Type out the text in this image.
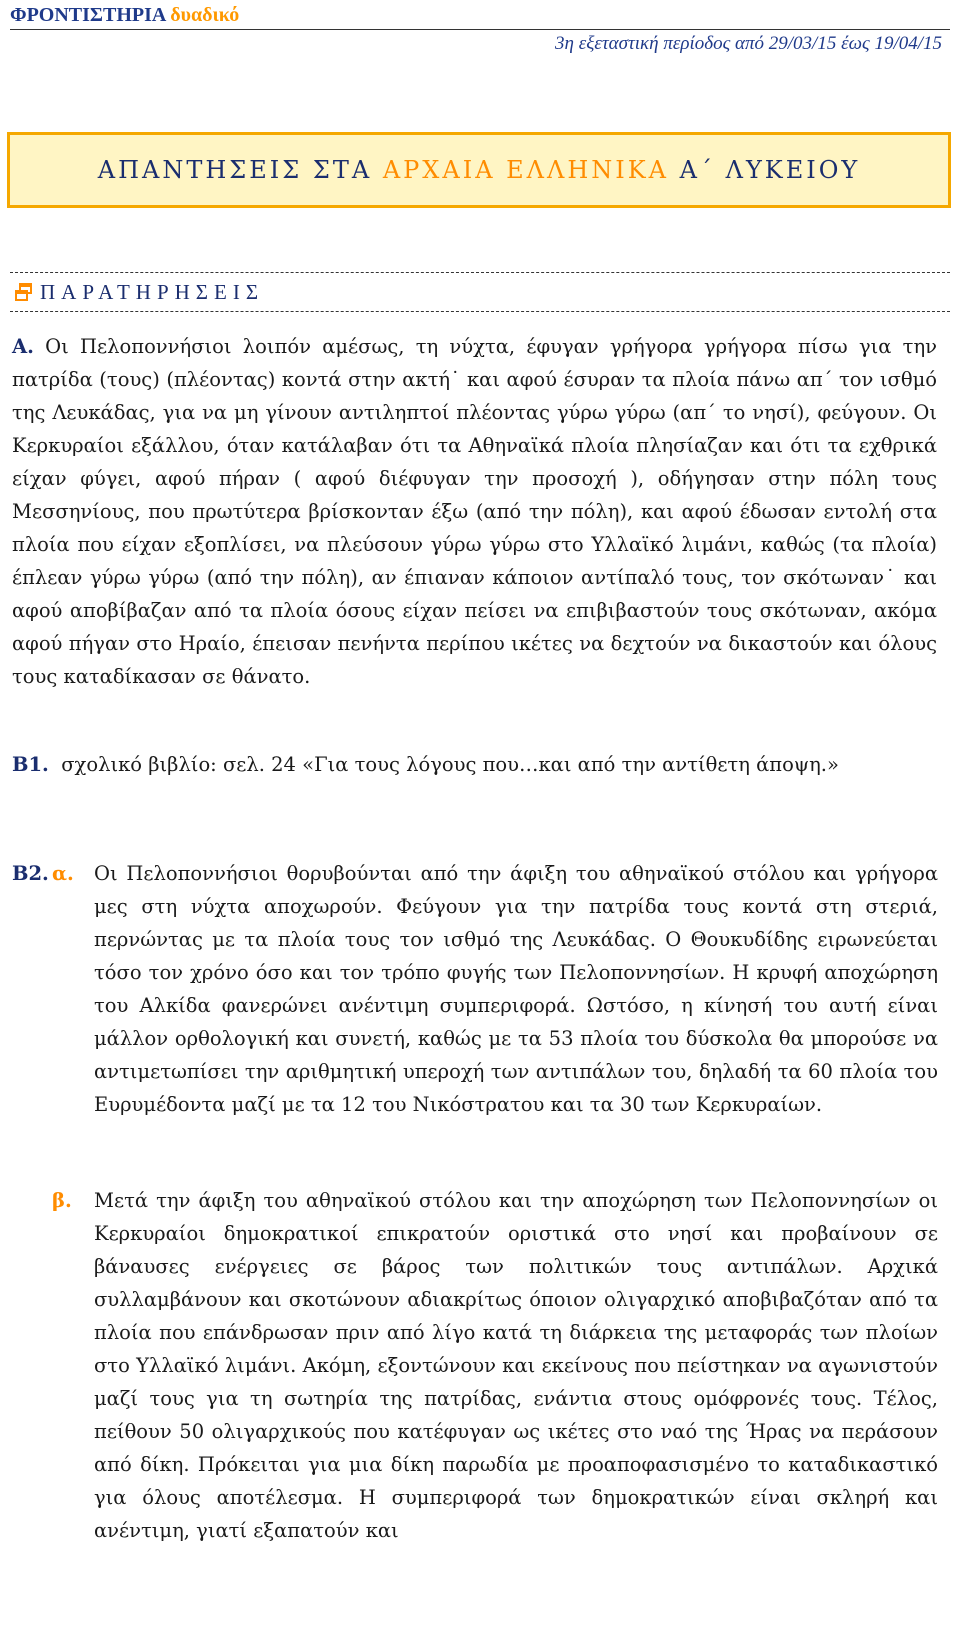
ΦΡΟΝΤΙΣΤΗΡΙΑ δυαδικό
3η εξεταστική περίοδος από 29/03/15 έως 19/04/15
ΑΠΑΝΤΗΣΕΙΣ ΣΤΑ ΑΡΧΑΙΑ ΕΛΛΗΝΙΚΑ Α΄ ΛΥΚΕΙΟΥ
ΠΑΡΑΤΗΡΗΣΕΙΣ
Α. Οι Πελοποννήσιοι λοιπόν αμέσως, τη νύχτα, έφυγαν γρήγορα γρήγορα πίσω για την πατρίδα (τους) (πλέοντας) κοντά στην ακτή˙ και αφού έσυραν τα πλοία πάνω απ΄ τον ισθμό της Λευκάδας, για να μη γίνουν αντιληπτοί πλέοντας γύρω γύρω (απ΄ το νησί), φεύγουν. Οι Κερκυραίοι εξάλλου, όταν κατάλαβαν ότι τα Αθηναϊκά πλοία πλησίαζαν και ότι τα εχθρικά είχαν φύγει, αφού πήραν ( αφού διέφυγαν την προσοχή ), οδήγησαν στην πόλη τους Μεσσηνίους, που πρωτύτερα βρίσκονταν έξω (από την πόλη), και αφού έδωσαν εντολή στα πλοία που είχαν εξοπλίσει, να πλεύσουν γύρω γύρω στο Υλλαϊκό λιμάνι, καθώς (τα πλοία) έπλεαν γύρω γύρω (από την πόλη), αν έπιαναν κάποιον αντίπαλό τους, τον σκότωναν˙ και αφού αποβίβαζαν από τα πλοία όσους είχαν πείσει να επιβιβαστούν τους σκότωναν, ακόμα αφού πήγαν στο Ηραίο, έπεισαν πενήντα περίπου ικέτες να δεχτούν να δικαστούν και όλους τους καταδίκασαν σε θάνατο.
Β1. σχολικό βιβλίο: σελ. 24 «Για τους λόγους που…και από την αντίθετη άποψη.»
Β2. α.	Οι Πελοποννήσιοι θορυβούνται από την άφιξη του αθηναϊκού στόλου και γρήγορα μες στη νύχτα αποχωρούν. Φεύγουν για την πατρίδα τους κοντά στη στεριά, περνώντας με τα πλοία τους τον ισθμό της Λευκάδας. Ο Θουκυδίδης ειρωνεύεται τόσο τον χρόνο όσο και τον τρόπο φυγής των Πελοποννησίων. Η κρυφή αποχώρηση του Αλκίδα φανερώνει ανέντιμη συμπεριφορά. Ωστόσο, η κίνησή του αυτή είναι μάλλον ορθολογική και συνετή, καθώς με τα 53 πλοία του δύσκολα θα μπορούσε να αντιμετωπίσει την αριθμητική υπεροχή των αντιπάλων του, δηλαδή τα 60 πλοία του Ευρυμέδοντα μαζί με τα 12 του Νικόστρατου και τα 30 των Κερκυραίων.
β.	Μετά την άφιξη του αθηναϊκού στόλου και την αποχώρηση των Πελοποννησίων οι Κερκυραίοι δημοκρατικοί επικρατούν οριστικά στο νησί και προβαίνουν σε βάναυσες ενέργειες σε βάρος των πολιτικών τους αντιπάλων. Αρχικά συλλαμβάνουν και σκοτώνουν αδιακρίτως όποιον ολιγαρχικό αποβιβαζόταν από τα πλοία που επάνδρωσαν πριν από λίγο κατά τη διάρκεια της μεταφοράς των πλοίων στο Υλλαϊκό λιμάνι. Ακόμη, εξοντώνουν και εκείνους που πείστηκαν να αγωνιστούν μαζί τους για τη σωτηρία της πατρίδας, ενάντια στους ομόφρονές τους. Τέλος, πείθουν 50 ολιγαρχικούς που κατέφυγαν ως ικέτες στο ναό της Ήρας να περάσουν από δίκη. Πρόκειται για μια δίκη παρωδία με προαποφασισμένο το καταδικαστικό για όλους αποτέλεσμα. Η συμπεριφορά των δημοκρατικών είναι σκληρή και ανέντιμη, γιατί εξαπατούν και
